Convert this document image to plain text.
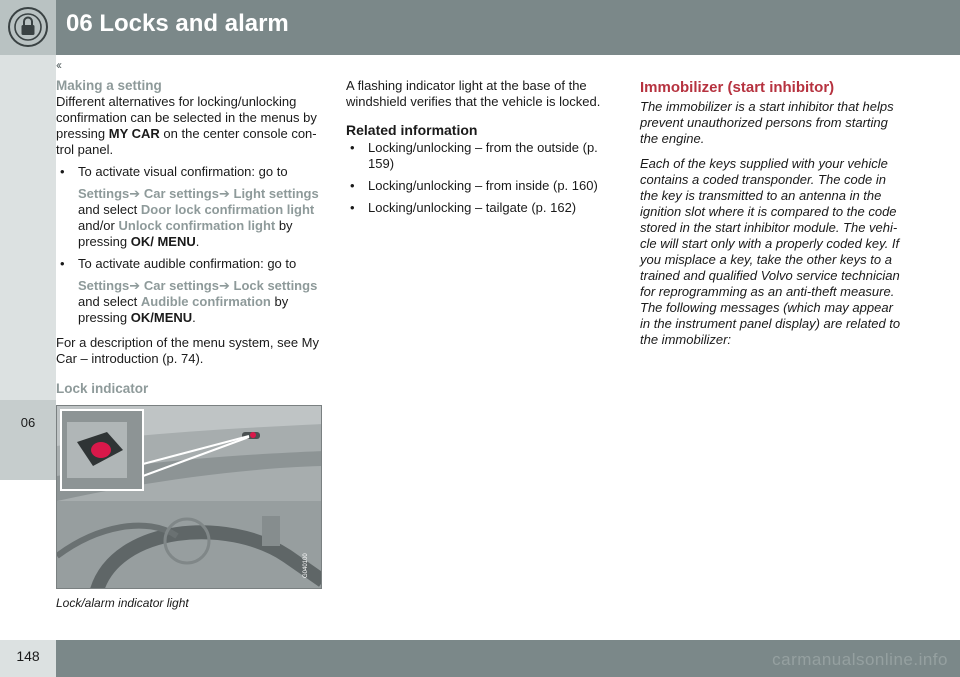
06 Locks and alarm
06
148	carmanualsonline.info
‹‹
Making a setting

Different alternatives for locking/unlocking confirmation can be selected in the menus by pressing MY CAR on the center console con-trol panel.

• To activate visual confirmation: go to
Settings➔ Car settings➔ Light settings and select Door lock confirmation light and/or Unlock confirmation light by pressing OK/ MENU.
• To activate audible confirmation: go to
Settings➔ Car settings➔ Lock settings and select Audible confirmation by pressing OK/MENU.

For a description of the menu system, see My Car – introduction (p. 74).

Lock indicator
G040100
Lock/alarm indicator light

A flashing indicator light at the base of the windshield verifies that the vehicle is locked.

Related information
• Locking/unlocking – from the outside (p. 159)
• Locking/unlocking – from inside (p. 160)
• Locking/unlocking – tailgate (p. 162)
Immobilizer (start inhibitor)

The immobilizer is a start inhibitor that helps prevent unauthorized persons from starting the engine.

Each of the keys supplied with your vehicle contains a coded transponder. The code in the key is transmitted to an antenna in the ignition slot where it is compared to the code stored in the start inhibitor module. The vehi-cle will start only with a properly coded key. If you misplace a key, take the other keys to a trained and qualified Volvo service technician for reprogramming as an anti-theft measure. The following messages (which may appear in the instrument panel display) are related to the immobilizer:
